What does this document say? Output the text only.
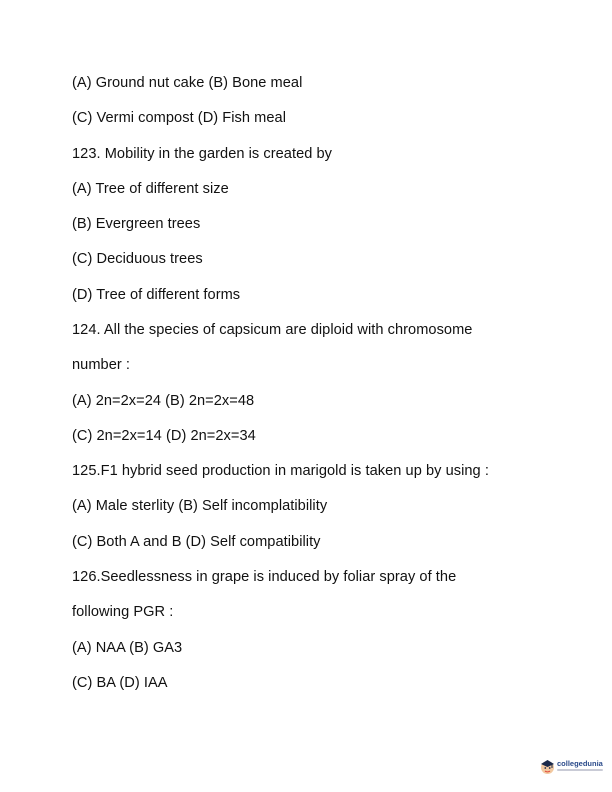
(A) Ground nut cake (B) Bone meal
(C) Vermi compost (D) Fish meal
123. Mobility in the garden is created by
(A) Tree of different size
(B) Evergreen trees
(C) Deciduous trees
(D) Tree of different forms
124. All the species of capsicum are diploid with chromosome
number :
(A) 2n=2x=24 (B) 2n=2x=48
(C) 2n=2x=14 (D) 2n=2x=34
125.F1 hybrid seed production in marigold is taken up by using :
(A) Male sterlity (B) Self incomplatibility
(C) Both A and B (D) Self compatibility
126.Seedlessness in grape is induced by foliar spray of the
following PGR :
(A) NAA (B) GA3
(C) BA (D) IAA
collegedunia
